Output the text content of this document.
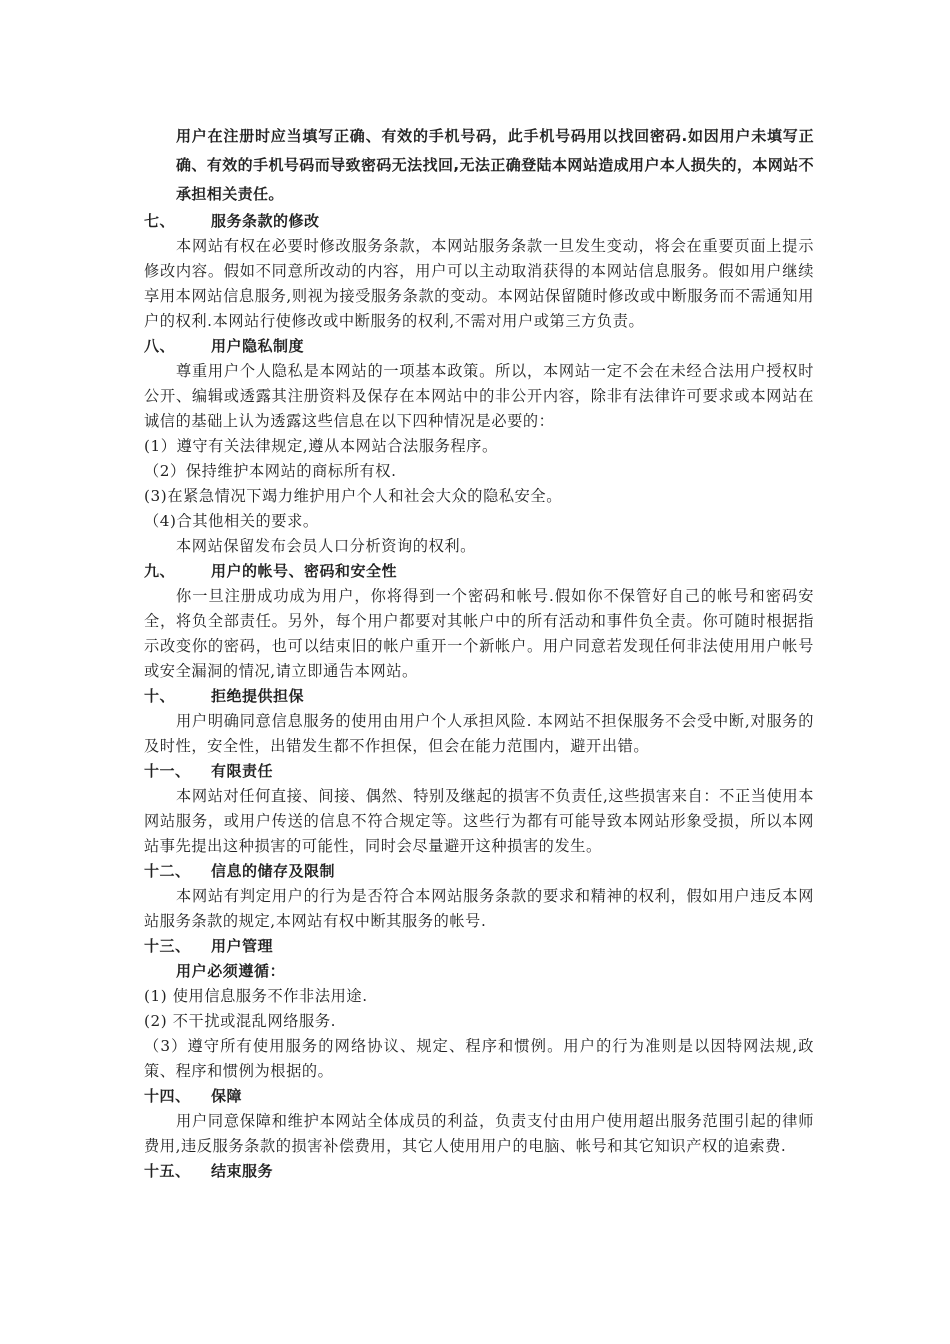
用户在注册时应当填写正确、有效的手机号码，此手机号码用以找回密码.如因用户未填写正确、有效的手机号码而导致密码无法找回,无法正确登陆本网站造成用户本人损失的，本网站不承担相关责任。

七、	服务条款的修改

本网站有权在必要时修改服务条款，本网站服务条款一旦发生变动，将会在重要页面上提示修改内容。假如不同意所改动的内容，用户可以主动取消获得的本网站信息服务。假如用户继续享用本网站信息服务,则视为接受服务条款的变动。本网站保留随时修改或中断服务而不需通知用户的权利.本网站行使修改或中断服务的权利,不需对用户或第三方负责。

八、	用户隐私制度

尊重用户个人隐私是本网站的一项基本政策。所以，本网站一定不会在未经合法用户授权时公开、编辑或透露其注册资料及保存在本网站中的非公开内容，除非有法律许可要求或本网站在诚信的基础上认为透露这些信息在以下四种情况是必要的：

(1）遵守有关法律规定,遵从本网站合法服务程序。

（2）保持维护本网站的商标所有权.

(3)在紧急情况下竭力维护用户个人和社会大众的隐私安全。

（4)合其他相关的要求。

本网站保留发布会员人口分析资询的权利。

九、	用户的帐号、密码和安全性

你一旦注册成功成为用户，你将得到一个密码和帐号.假如你不保管好自己的帐号和密码安全，将负全部责任。另外，每个用户都要对其帐户中的所有活动和事件负全责。你可随时根据指示改变你的密码，也可以结束旧的帐户重开一个新帐户。用户同意若发现任何非法使用用户帐号或安全漏洞的情况,请立即通告本网站。

十、	拒绝提供担保

用户明确同意信息服务的使用由用户个人承担风险. 本网站不担保服务不会受中断,对服务的及时性，安全性，出错发生都不作担保，但会在能力范围内，避开出错。

十一、	有限责任

本网站对任何直接、间接、偶然、特别及继起的损害不负责任,这些损害来自：不正当使用本网站服务，或用户传送的信息不符合规定等。这些行为都有可能导致本网站形象受损，所以本网站事先提出这种损害的可能性，同时会尽量避开这种损害的发生。

十二、	信息的储存及限制

本网站有判定用户的行为是否符合本网站服务条款的要求和精神的权利，假如用户违反本网站服务条款的规定,本网站有权中断其服务的帐号.

十三、	用户管理

用户必须遵循：

(1) 使用信息服务不作非法用途.

(2) 不干扰或混乱网络服务.

（3）遵守所有使用服务的网络协议、规定、程序和惯例。用户的行为准则是以因特网法规,政策、程序和惯例为根据的。

十四、	保障

用户同意保障和维护本网站全体成员的利益，负责支付由用户使用超出服务范围引起的律师费用,违反服务条款的损害补偿费用，其它人使用用户的电脑、帐号和其它知识产权的追索费.

十五、	结束服务
